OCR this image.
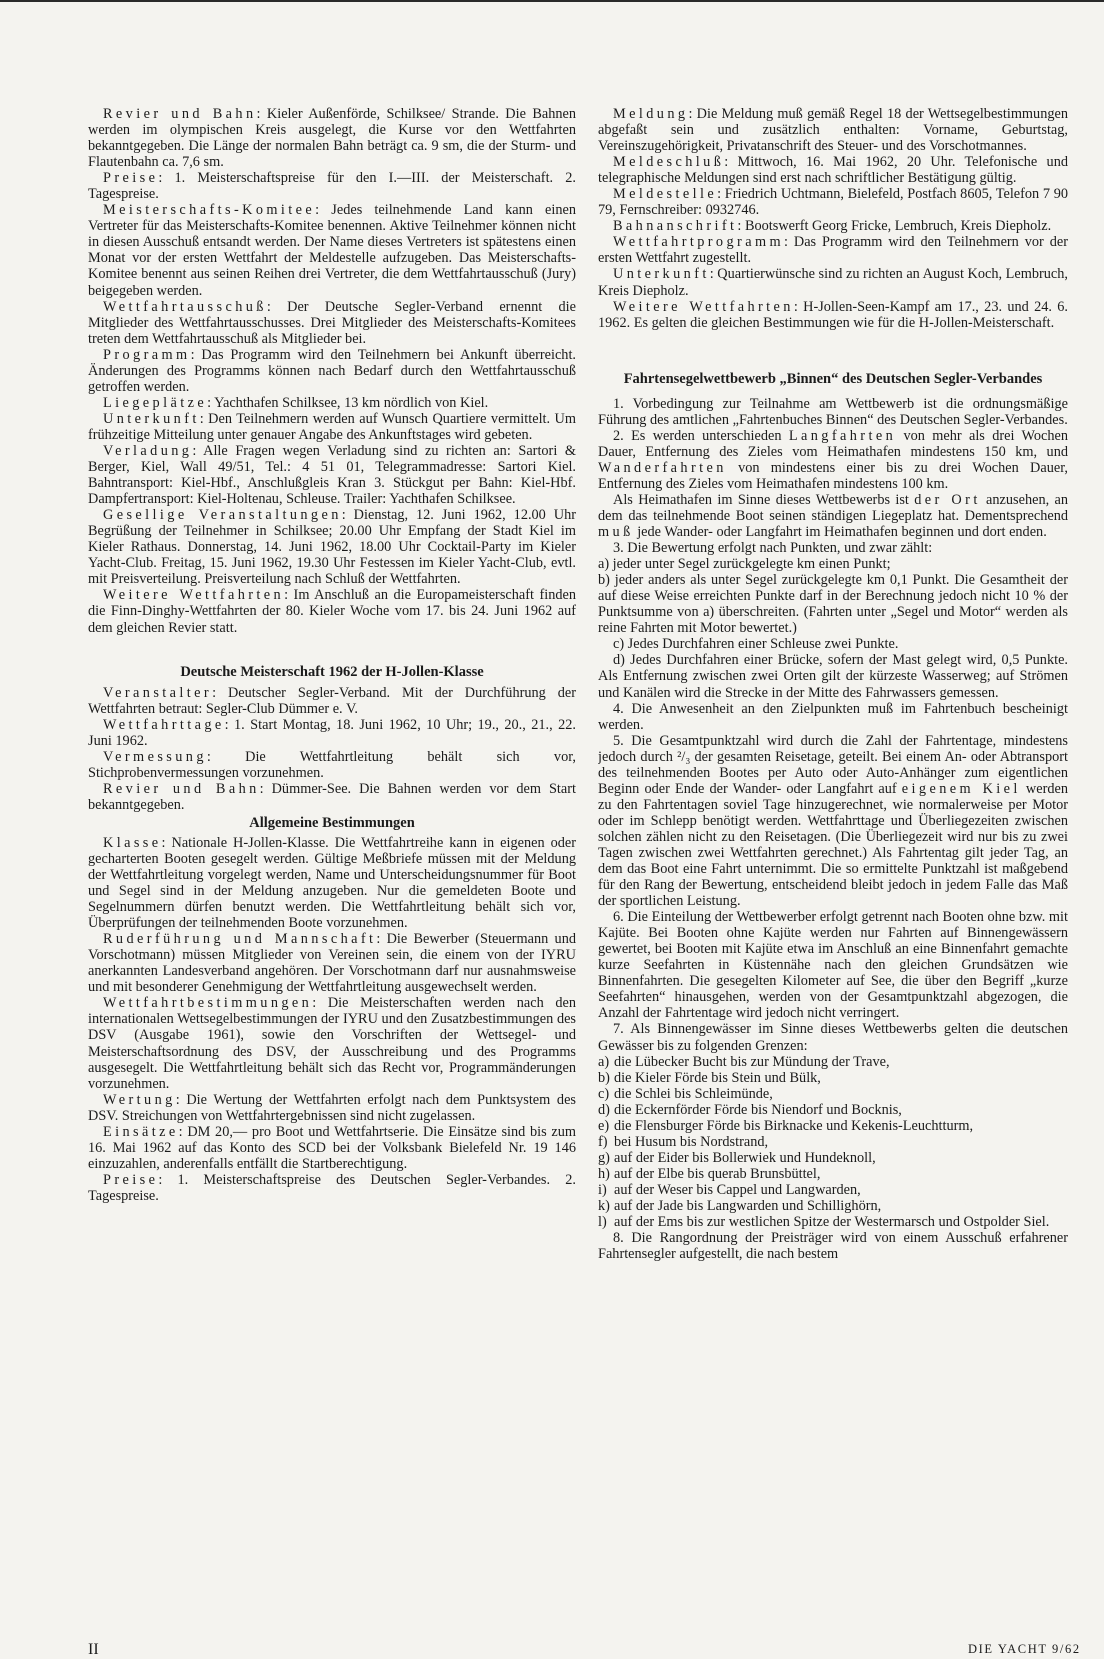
Revier und Bahn: Kieler Außenförde, Schilksee/ Strande. Die Bahnen werden im olympischen Kreis ausgelegt, die Kurse vor den Wettfahrten bekanntgegeben. Die Länge der normalen Bahn beträgt ca. 9 sm, die der Sturm- und Flautenbahn ca. 7,6 sm.

Preise: 1. Meisterschaftspreise für den I.—III. der Meisterschaft. 2. Tagespreise.

Meisterschafts-Komitee: Jedes teilnehmende Land kann einen Vertreter für das Meisterschafts-Komitee benennen. Aktive Teilnehmer können nicht in diesen Ausschuß entsandt werden. Der Name dieses Vertreters ist spätestens einen Monat vor der ersten Wettfahrt der Meldestelle aufzugeben. Das Meisterschafts-Komitee benennt aus seinen Reihen drei Vertreter, die dem Wettfahrtausschuß (Jury) beigegeben werden.

Wettfahrtausschuß: Der Deutsche Segler-Verband ernennt die Mitglieder des Wettfahrtausschusses. Drei Mitglieder des Meisterschafts-Komitees treten dem Wettfahrtausschuß als Mitglieder bei.

Programm: Das Programm wird den Teilnehmern bei Ankunft überreicht. Änderungen des Programms können nach Bedarf durch den Wettfahrtausschuß getroffen werden.

Liegeplätze: Yachthafen Schilksee, 13 km nördlich von Kiel.

Unterkunft: Den Teilnehmern werden auf Wunsch Quartiere vermittelt. Um frühzeitige Mitteilung unter genauer Angabe des Ankunftstages wird gebeten.

Verladung: Alle Fragen wegen Verladung sind zu richten an: Sartori & Berger, Kiel, Wall 49/51, Tel.: 4 51 01, Telegrammadresse: Sartori Kiel. Bahntransport: Kiel-Hbf., Anschlußgleis Kran 3. Stückgut per Bahn: Kiel-Hbf. Dampfertransport: Kiel-Holtenau, Schleuse. Trailer: Yachthafen Schilksee.

Gesellige Veranstaltungen: Dienstag, 12. Juni 1962, 12.00 Uhr Begrüßung der Teilnehmer in Schilksee; 20.00 Uhr Empfang der Stadt Kiel im Kieler Rathaus. Donnerstag, 14. Juni 1962, 18.00 Uhr Cocktail-Party im Kieler Yacht-Club. Freitag, 15. Juni 1962, 19.30 Uhr Festessen im Kieler Yacht-Club, evtl. mit Preisverteilung. Preisverteilung nach Schluß der Wettfahrten.

Weitere Wettfahrten: Im Anschluß an die Europameisterschaft finden die Finn-Dinghy-Wettfahrten der 80. Kieler Woche vom 17. bis 24. Juni 1962 auf dem gleichen Revier statt.

Deutsche Meisterschaft 1962 der H-Jollen-Klasse

Veranstalter: Deutscher Segler-Verband. Mit der Durchführung der Wettfahrten betraut: Segler-Club Dümmer e. V.

Wettfahrttage: 1. Start Montag, 18. Juni 1962, 10 Uhr; 19., 20., 21., 22. Juni 1962.

Vermessung: Die Wettfahrtleitung behält sich vor, Stichprobenvermessungen vorzunehmen.

Revier und Bahn: Dümmer-See. Die Bahnen werden vor dem Start bekanntgegeben.

Allgemeine Bestimmungen

Klasse: Nationale H-Jollen-Klasse. Die Wettfahrtreihe kann in eigenen oder gecharterten Booten gesegelt werden. Gültige Meßbriefe müssen mit der Meldung der Wettfahrtleitung vorgelegt werden, Name und Unterscheidungsnummer für Boot und Segel sind in der Meldung anzugeben. Nur die gemeldeten Boote und Segelnummern dürfen benutzt werden. Die Wettfahrtleitung behält sich vor, Überprüfungen der teilnehmenden Boote vorzunehmen.

Ruderführung und Mannschaft: Die Bewerber (Steuermann und Vorschotmann) müssen Mitglieder von Vereinen sein, die einem von der IYRU anerkannten Landesverband angehören. Der Vorschotmann darf nur ausnahmsweise und mit besonderer Genehmigung der Wettfahrtleitung ausgewechselt werden.

Wettfahrtbestimmungen: Die Meisterschaften werden nach den internationalen Wettsegelbestimmungen der IYRU und den Zusatzbestimmungen des DSV (Ausgabe 1961), sowie den Vorschriften der Wettsegel- und Meisterschaftsordnung des DSV, der Ausschreibung und des Programms ausgesegelt. Die Wettfahrtleitung behält sich das Recht vor, Programmänderungen vorzunehmen.

Wertung: Die Wertung der Wettfahrten erfolgt nach dem Punktsystem des DSV. Streichungen von Wettfahrtergebnissen sind nicht zugelassen.

Einsätze: DM 20,— pro Boot und Wettfahrtserie. Die Einsätze sind bis zum 16. Mai 1962 auf das Konto des SCD bei der Volksbank Bielefeld Nr. 19 146 einzuzahlen, anderenfalls entfällt die Startberechtigung.

Preise: 1. Meisterschaftspreise des Deutschen Segler-Verbandes. 2. Tagespreise.

Meldung: Die Meldung muß gemäß Regel 18 der Wettsegelbestimmungen abgefaßt sein und zusätzlich enthalten: Vorname, Geburtstag, Vereinszugehörigkeit, Privatanschrift des Steuer- und des Vorschotmannes.

Meldeschluß: Mittwoch, 16. Mai 1962, 20 Uhr. Telefonische und telegraphische Meldungen sind erst nach schriftlicher Bestätigung gültig.

Meldestelle: Friedrich Uchtmann, Bielefeld, Postfach 8605, Telefon 7 90 79, Fernschreiber: 0932746.

Bahnanschrift: Bootswerft Georg Fricke, Lembruch, Kreis Diepholz.

Wettfahrtprogramm: Das Programm wird den Teilnehmern vor der ersten Wettfahrt zugestellt.

Unterkunft: Quartierwünsche sind zu richten an August Koch, Lembruch, Kreis Diepholz.

Weitere Wettfahrten: H-Jollen-Seen-Kampf am 17., 23. und 24. 6. 1962. Es gelten die gleichen Bestimmungen wie für die H-Jollen-Meisterschaft.

Fahrtensegelwettbewerb „Binnen“ des Deutschen Segler-Verbandes

1. Vorbedingung zur Teilnahme am Wettbewerb ist die ordnungsmäßige Führung des amtlichen „Fahrtenbuches Binnen“ des Deutschen Segler-Verbandes.

2. Es werden unterschieden Langfahrten von mehr als drei Wochen Dauer, Entfernung des Zieles vom Heimathafen mindestens 150 km, und Wanderfahrten von mindestens einer bis zu drei Wochen Dauer, Entfernung des Zieles vom Heimathafen mindestens 100 km.

Als Heimathafen im Sinne dieses Wettbewerbs ist der Ort anzusehen, an dem das teilnehmende Boot seinen ständigen Liegeplatz hat. Dementsprechend muß jede Wander- oder Langfahrt im Heimathafen beginnen und dort enden.

3. Die Bewertung erfolgt nach Punkten, und zwar zählt:

a) jeder unter Segel zurückgelegte km einen Punkt;

b) jeder anders als unter Segel zurückgelegte km 0,1 Punkt. Die Gesamtheit der auf diese Weise erreichten Punkte darf in der Berechnung jedoch nicht 10 % der Punktsumme von a) überschreiten. (Fahrten unter „Segel und Motor“ werden als reine Fahrten mit Motor bewertet.)

c) Jedes Durchfahren einer Schleuse zwei Punkte.

d) Jedes Durchfahren einer Brücke, sofern der Mast gelegt wird, 0,5 Punkte. Als Entfernung zwischen zwei Orten gilt der kürzeste Wasserweg; auf Strömen und Kanälen wird die Strecke in der Mitte des Fahrwassers gemessen.

4. Die Anwesenheit an den Zielpunkten muß im Fahrtenbuch bescheinigt werden.

5. Die Gesamtpunktzahl wird durch die Zahl der Fahrtentage, mindestens jedoch durch ²/₃ der gesamten Reisetage, geteilt. Bei einem An- oder Abtransport des teilnehmenden Bootes per Auto oder Auto-Anhänger zum eigentlichen Beginn oder Ende der Wander- oder Langfahrt auf eigenem Kiel werden zu den Fahrtentagen soviel Tage hinzugerechnet, wie normalerweise per Motor oder im Schlepp benötigt werden. Wettfahrttage und Überliegezeiten zwischen solchen zählen nicht zu den Reisetagen. (Die Überliegezeit wird nur bis zu zwei Tagen zwischen zwei Wettfahrten gerechnet.) Als Fahrtentag gilt jeder Tag, an dem das Boot eine Fahrt unternimmt. Die so ermittelte Punktzahl ist maßgebend für den Rang der Bewertung, entscheidend bleibt jedoch in jedem Falle das Maß der sportlichen Leistung.

6. Die Einteilung der Wettbewerber erfolgt getrennt nach Booten ohne bzw. mit Kajüte. Bei Booten ohne Kajüte werden nur Fahrten auf Binnengewässern gewertet, bei Booten mit Kajüte etwa im Anschluß an eine Binnenfahrt gemachte kurze Seefahrten in Küstennähe nach den gleichen Grundsätzen wie Binnenfahrten. Die gesegelten Kilometer auf See, die über den Begriff „kurze Seefahrten“ hinausgehen, werden von der Gesamtpunktzahl abgezogen, die Anzahl der Fahrtentage wird jedoch nicht verringert.

7. Als Binnengewässer im Sinne dieses Wettbewerbs gelten die deutschen Gewässer bis zu folgenden Grenzen:

a) die Lübecker Bucht bis zur Mündung der Trave,

b) die Kieler Förde bis Stein und Bülk,

c) die Schlei bis Schleimünde,

d) die Eckernförder Förde bis Niendorf und Bocknis,

e) die Flensburger Förde bis Birknacke und Kekenis-Leuchtturm,

f) bei Husum bis Nordstrand,

g) auf der Eider bis Bollerwiek und Hundeknoll,

h) auf der Elbe bis querab Brunsbüttel,

i) auf der Weser bis Cappel und Langwarden,

k) auf der Jade bis Langwarden und Schillighörn,

l) auf der Ems bis zur westlichen Spitze der Westermarsch und Ostpolder Siel.

8. Die Rangordnung der Preisträger wird von einem Ausschuß erfahrener Fahrtensegler aufgestellt, die nach bestem

II	DIE YACHT 9/62
